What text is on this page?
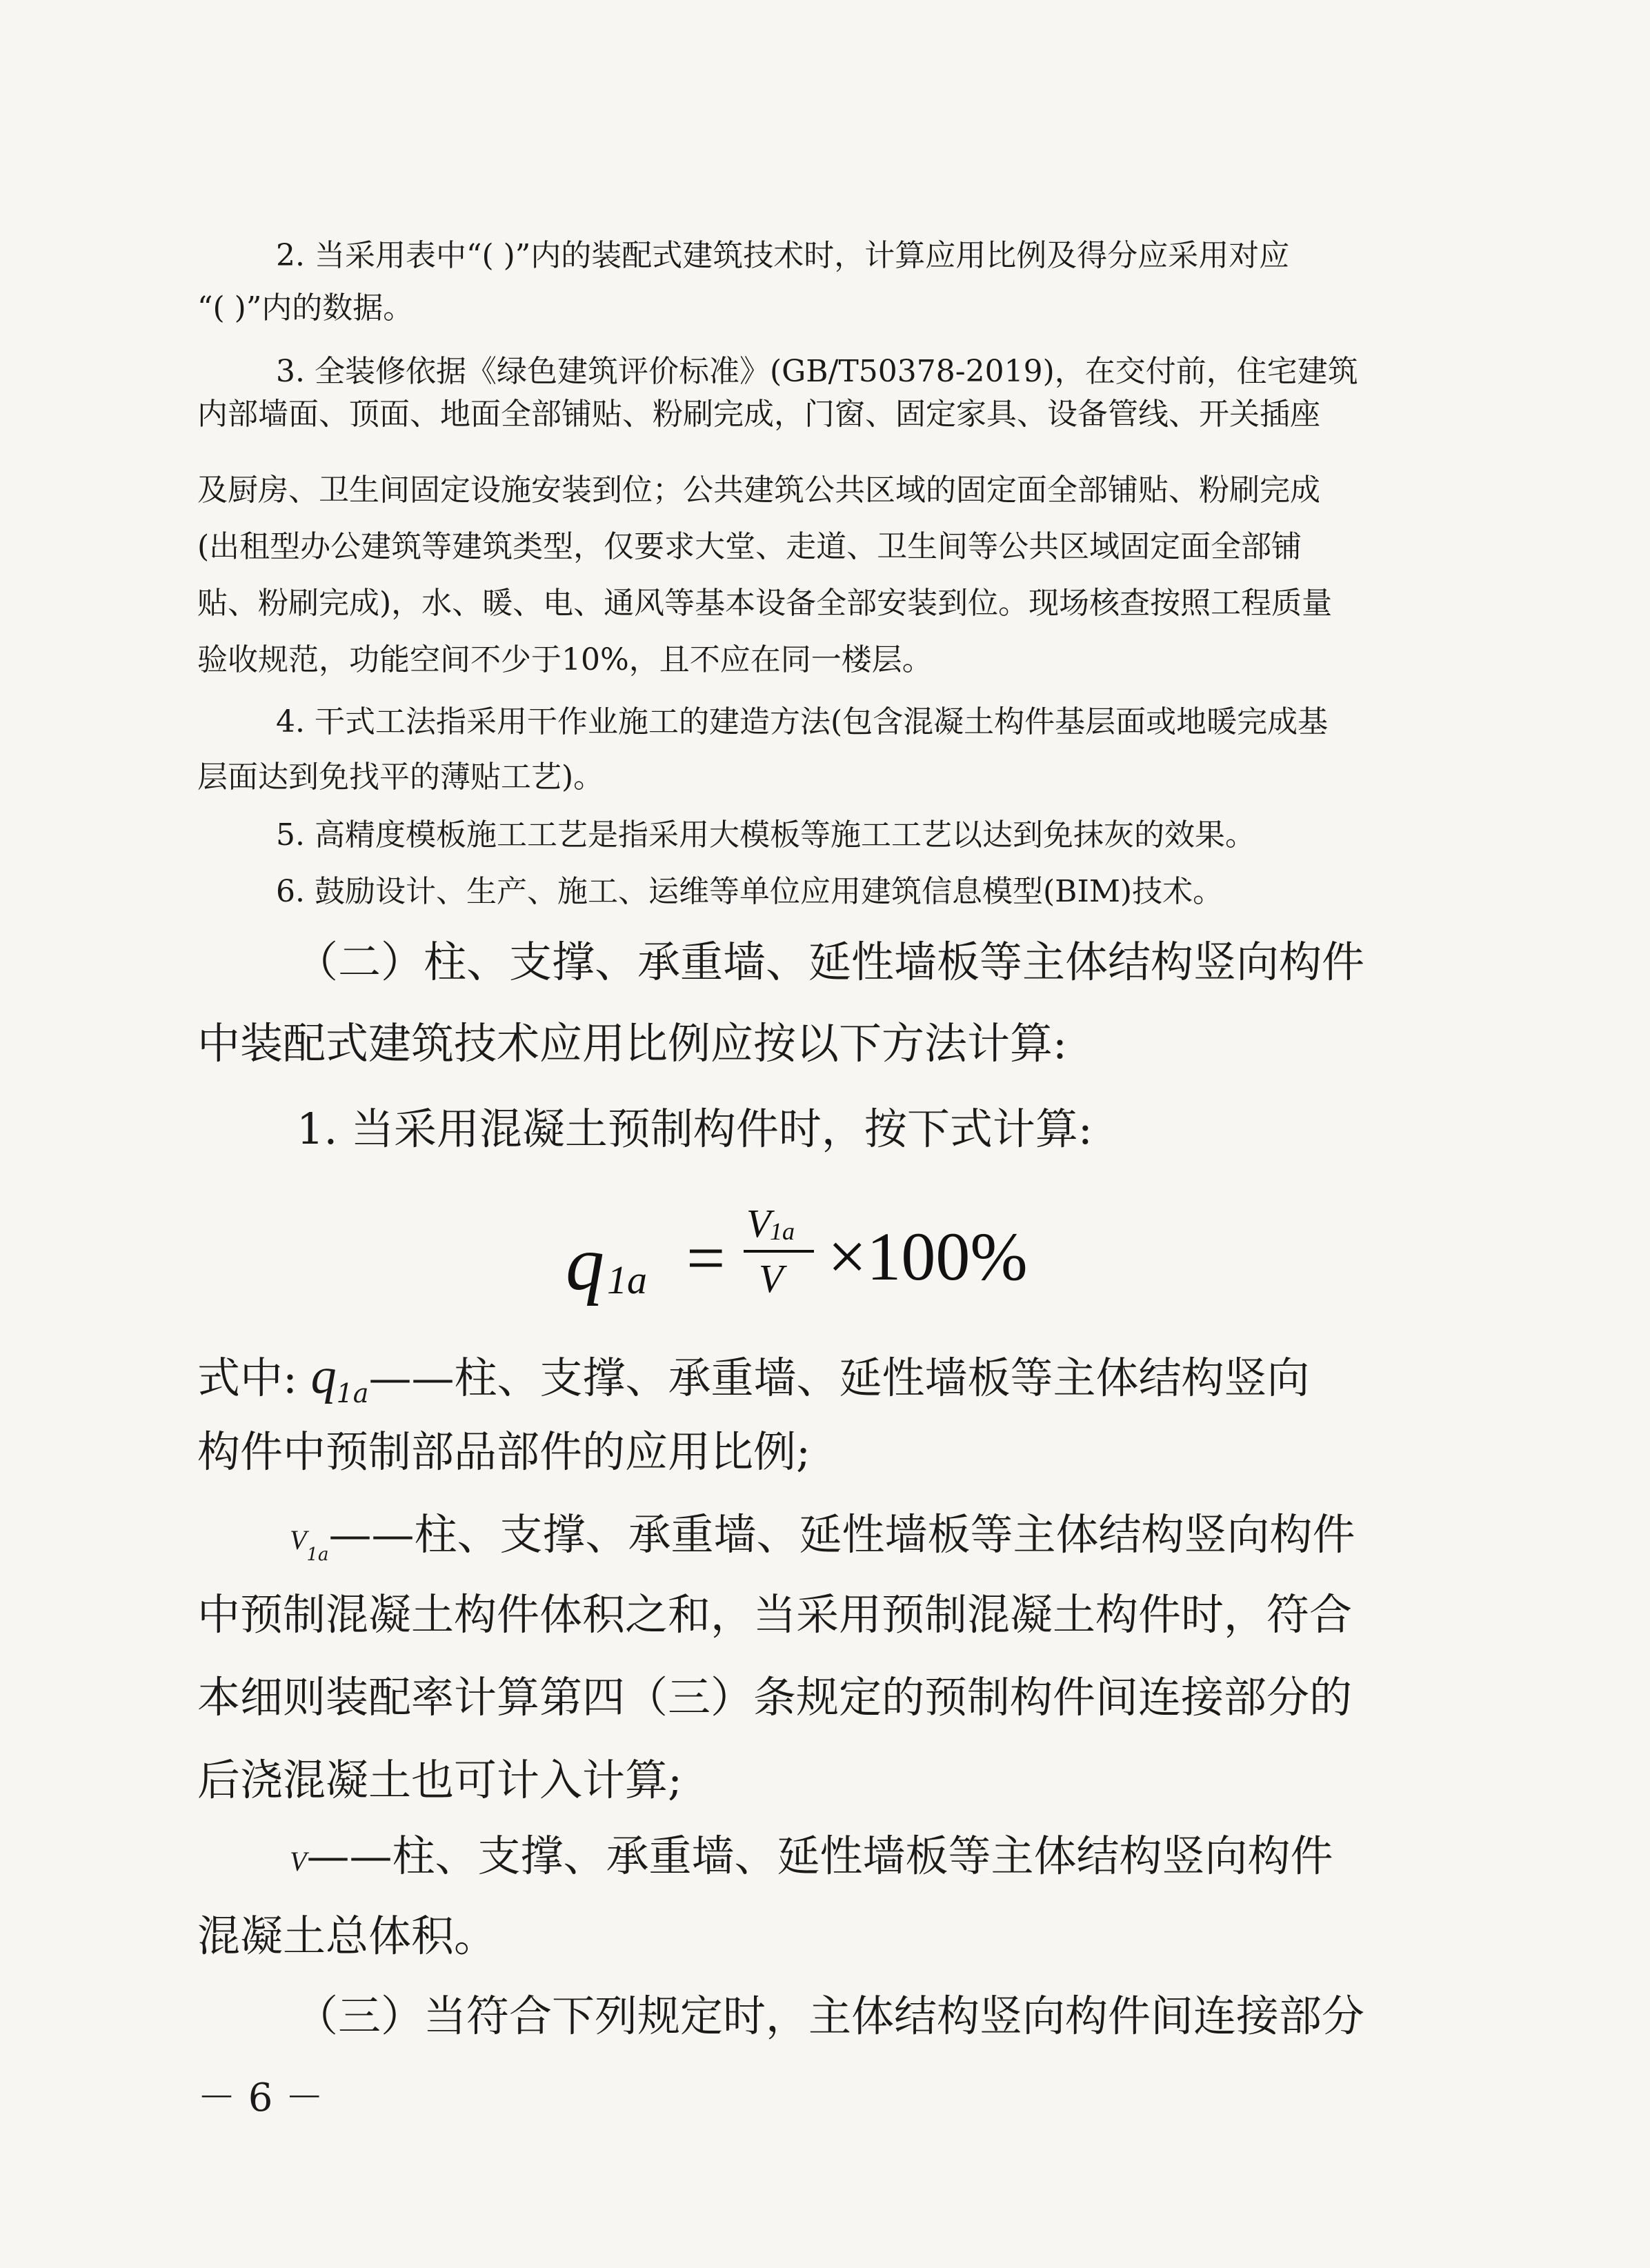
2. 当采用表中“( )”内的装配式建筑技术时，计算应用比例及得分应采用对应

“( )”内的数据。

3. 全装修依据《绿色建筑评价标准》(GB/T50378-2019)，在交付前，住宅建筑

内部墙面、顶面、地面全部铺贴、粉刷完成，门窗、固定家具、设备管线、开关插座

及厨房、卫生间固定设施安装到位；公共建筑公共区域的固定面全部铺贴、粉刷完成

(出租型办公建筑等建筑类型，仅要求大堂、走道、卫生间等公共区域固定面全部铺

贴、粉刷完成)，水、暖、电、通风等基本设备全部安装到位。现场核查按照工程质量

验收规范，功能空间不少于10%，且不应在同一楼层。

4. 干式工法指采用干作业施工的建造方法(包含混凝土构件基层面或地暖完成基

层面达到免找平的薄贴工艺)。

5. 高精度模板施工工艺是指采用大模板等施工工艺以达到免抹灰的效果。

6. 鼓励设计、生产、施工、运维等单位应用建筑信息模型(BIM)技术。

（二）柱、支撑、承重墙、延性墙板等主体结构竖向构件

中装配式建筑技术应用比例应按以下方法计算:

1. 当采用混凝土预制构件时，按下式计算:

q 1a = V
1a
V ×100%

式中: $q_{1a}——$柱、支撑、承重墙、延性墙板等主体结构竖向

构件中预制部品部件的应用比例;

$V_{1a}——$柱、支撑、承重墙、延性墙板等主体结构竖向构件

中预制混凝土构件体积之和，当采用预制混凝土构件时，符合

本细则装配率计算第四（三）条规定的预制构件间连接部分的

后浇混凝土也可计入计算;

V——柱、支撑、承重墙、延性墙板等主体结构竖向构件

混凝土总体积。

（三）当符合下列规定时，主体结构竖向构件间连接部分

－ 6 －
